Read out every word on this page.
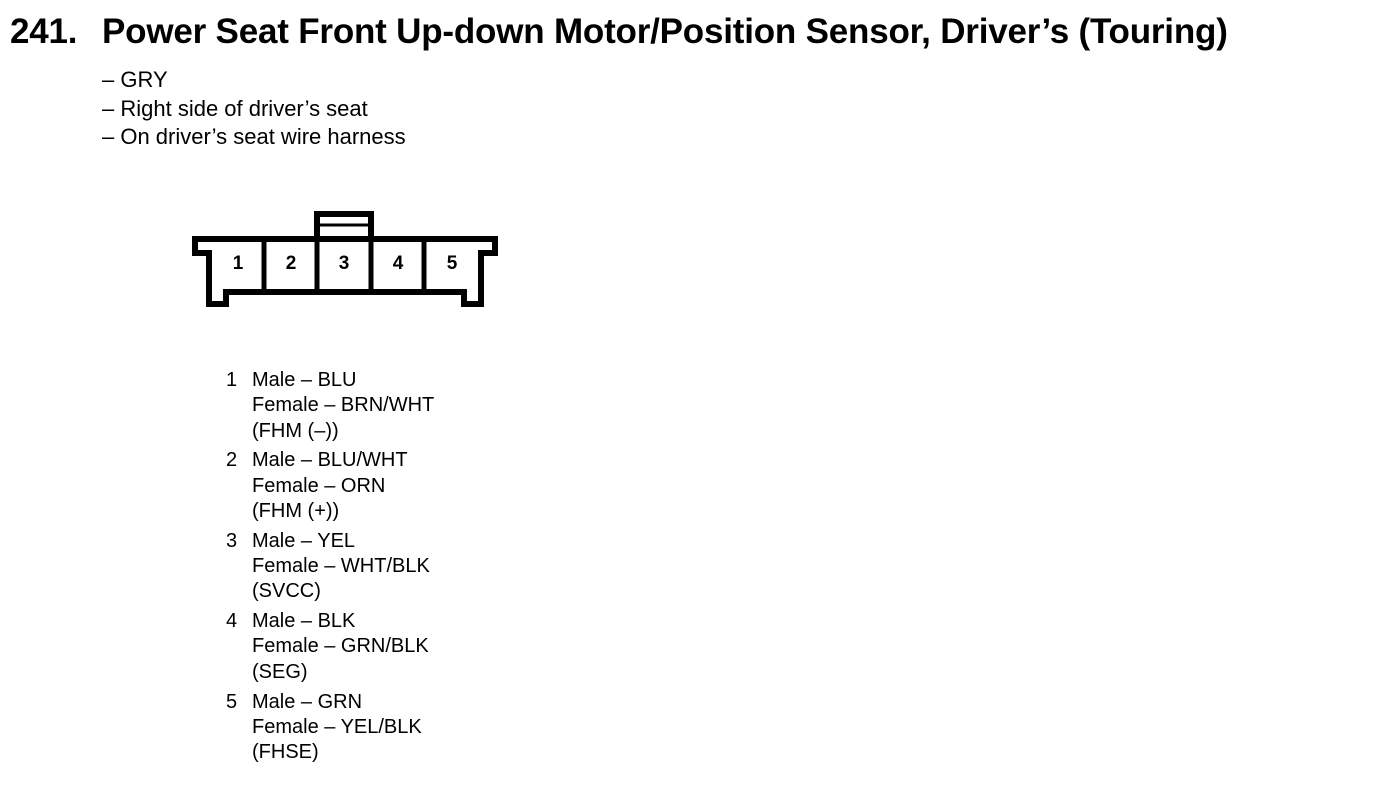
241. Power Seat Front Up-down Motor/Position Sensor, Driver’s (Touring)
– GRY
– Right side of driver’s seat
– On driver’s seat wire harness
1 2 3 4 5
1 Male – BLU
Female – BRN/WHT
(FHM (–))
2 Male – BLU/WHT
Female – ORN
(FHM (+))
3 Male – YEL
Female – WHT/BLK
(SVCC)
4 Male – BLK
Female – GRN/BLK
(SEG)
5 Male – GRN
Female – YEL/BLK
(FHSE)
